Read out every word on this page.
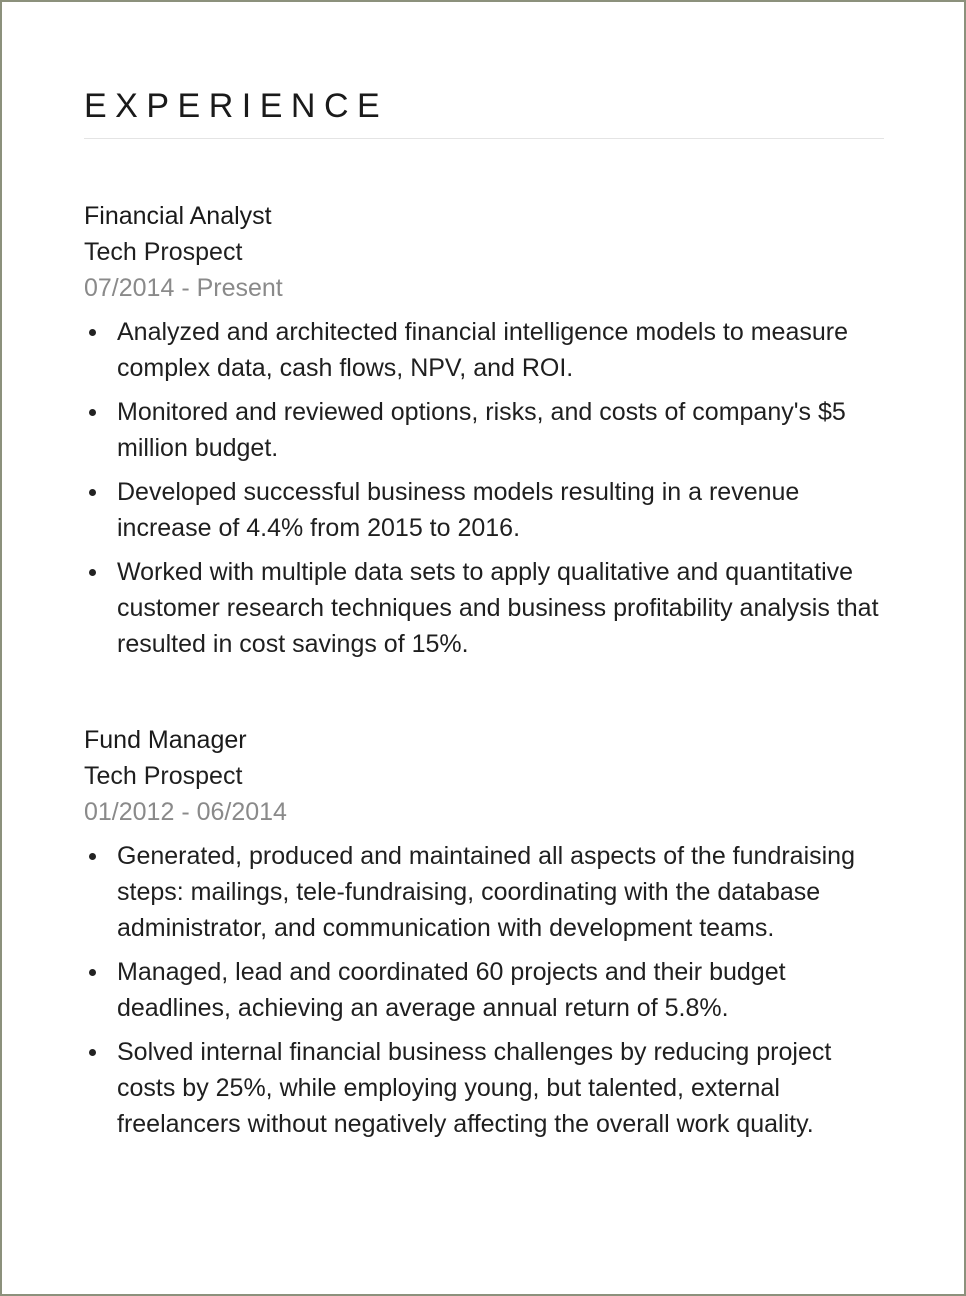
EXPERIENCE

Financial Analyst

Tech Prospect

07/2014 - Present

Analyzed and architected financial intelligence models to measure complex data, cash flows, NPV, and ROI.
Monitored and reviewed options, risks, and costs of company's $5 million budget.
Developed successful business models resulting in a revenue increase of 4.4% from 2015 to 2016.
Worked with multiple data sets to apply qualitative and quantitative customer research techniques and business profitability analysis that resulted in cost savings of 15%.

Fund Manager

Tech Prospect

01/2012 - 06/2014

Generated, produced and maintained all aspects of the fundraising steps: mailings, tele-fundraising, coordinating with the database administrator, and communication with development teams.
Managed, lead and coordinated 60 projects and their budget deadlines, achieving an average annual return of 5.8%.
Solved internal financial business challenges by reducing project costs by 25%, while employing young, but talented, external freelancers without negatively affecting the overall work quality.
